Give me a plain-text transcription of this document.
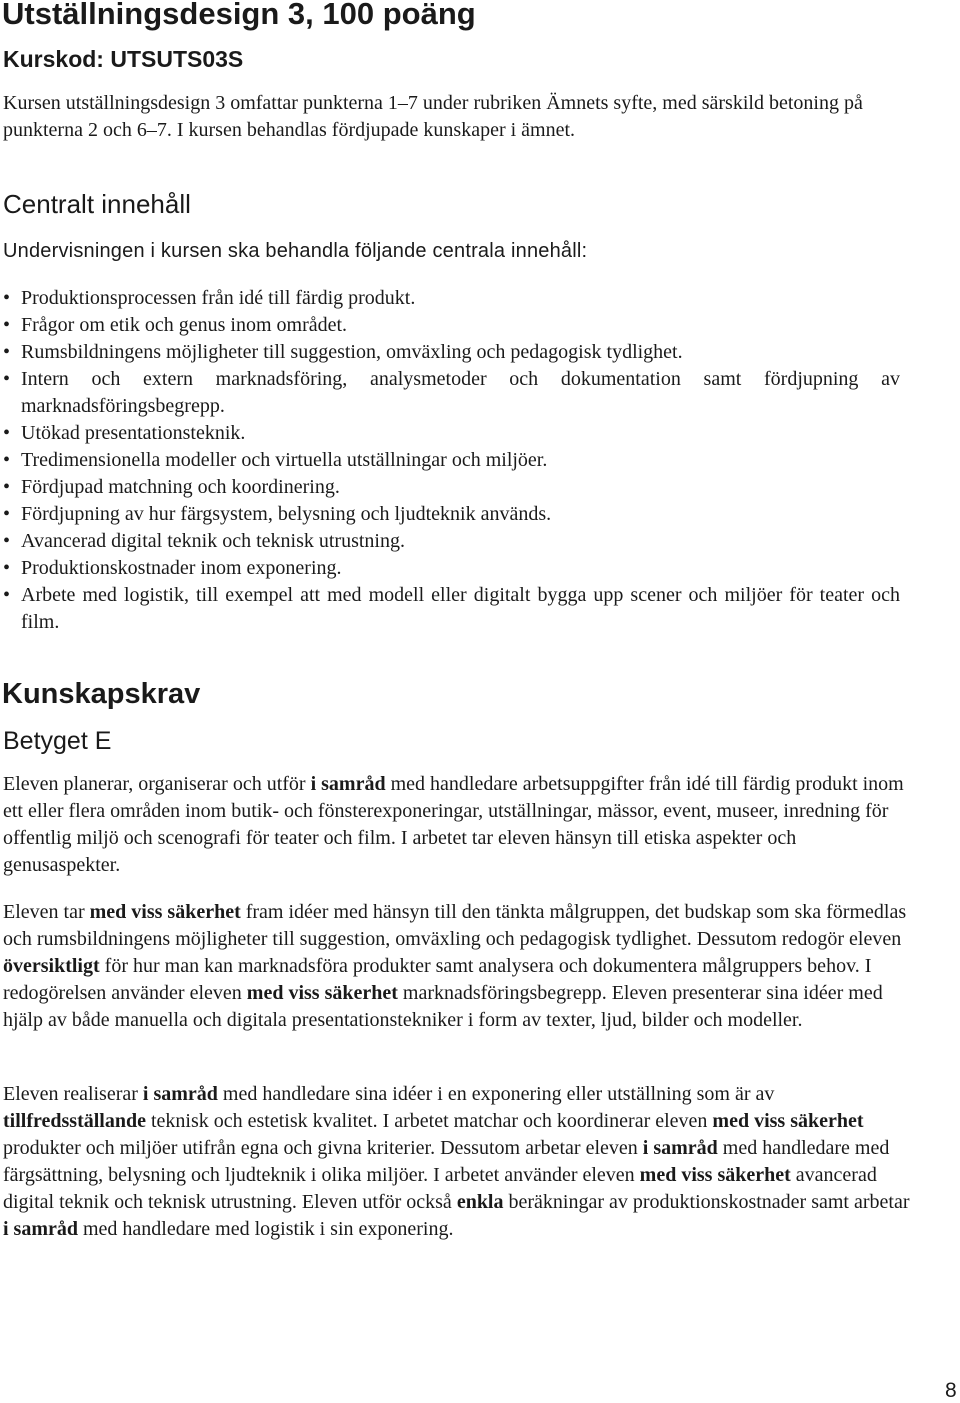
Utställningsdesign 3, 100 poäng

Kurskod: UTSUTS03S

Kursen utställningsdesign 3 omfattar punkterna 1–7 under rubriken Ämnets syfte, med särskild betoning på punkterna 2 och 6–7. I kursen behandlas fördjupade kunskaper i ämnet.

Centralt innehåll

Undervisningen i kursen ska behandla följande centrala innehåll:

• Produktionsprocessen från idé till färdig produkt.
• Frågor om etik och genus inom området.
• Rumsbildningens möjligheter till suggestion, omväxling och pedagogisk tydlighet.
• Intern och extern marknadsföring, analysmetoder och dokumentation samt fördjupning av marknadsföringsbegrepp.
• Utökad presentationsteknik.
• Tredimensionella modeller och virtuella utställningar och miljöer.
• Fördjupad matchning och koordinering.
• Fördjupning av hur färgsystem, belysning och ljudteknik används.
• Avancerad digital teknik och teknisk utrustning.
• Produktionskostnader inom exponering.
• Arbete med logistik, till exempel att med modell eller digitalt bygga upp scener och miljöer för teater och film.
Kunskapskrav
Betyget E

Eleven planerar, organiserar och utför i samråd med handledare arbetsuppgifter från idé till färdig produkt inom ett eller flera områden inom butik- och fönsterexponeringar, utställningar, mässor, event, museer, inredning för offentlig miljö och scenografi för teater och film. I arbetet tar eleven hänsyn till etiska aspekter och genusaspekter.

Eleven tar med viss säkerhet fram idéer med hänsyn till den tänkta målgruppen, det budskap som ska förmedlas och rumsbildningens möjligheter till suggestion, omväxling och pedagogisk tydlighet. Dessutom redogör eleven översiktligt för hur man kan marknadsföra produkter samt analysera och dokumentera målgruppers behov. I redogörelsen använder eleven med viss säkerhet marknadsföringsbegrepp. Eleven presenterar sina idéer med hjälp av både manuella och digitala presentationstekniker i form av texter, ljud, bilder och modeller.

Eleven realiserar i samråd med handledare sina idéer i en exponering eller utställning som är av tillfredsställande teknisk och estetisk kvalitet. I arbetet matchar och koordinerar eleven med viss säkerhet produkter och miljöer utifrån egna och givna kriterier. Dessutom arbetar eleven i samråd med handledare med färgsättning, belysning och ljudteknik i olika miljöer. I arbetet använder eleven med viss säkerhet avancerad digital teknik och teknisk utrustning. Eleven utför också enkla beräkningar av produktionskostnader samt arbetar i samråd med handledare med logistik i sin exponering.

8
